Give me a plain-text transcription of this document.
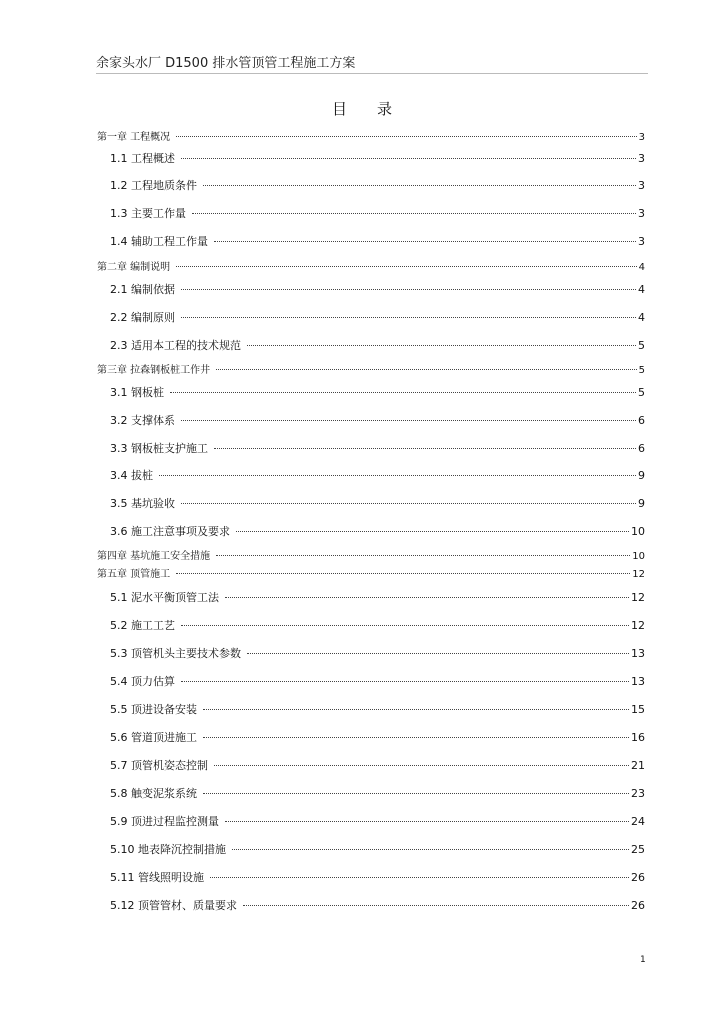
余家头水厂 D1500 排水管顶管工程施工方案
目录
第一章 工程概况	3
1.1 工程概述	3
1.2 工程地质条件	3
1.3 主要工作量	3
1.4 辅助工程工作量	3
第二章 编制说明	4
2.1 编制依据	4
2.2 编制原则	4
2.3 适用本工程的技术规范	5
第三章 拉森钢板桩工作井	5
3.1 钢板桩	5
3.2 支撑体系	6
3.3 钢板桩支护施工	6
3.4 拔桩	9
3.5 基坑验收	9
3.6 施工注意事项及要求	10
第四章 基坑施工安全措施	10
第五章 顶管施工	12
5.1 泥水平衡顶管工法	12
5.2 施工工艺	12
5.3 顶管机头主要技术参数	13
5.4 顶力估算	13
5.5 顶进设备安装	15
5.6 管道顶进施工	16
5.7 顶管机姿态控制	21
5.8 触变泥浆系统	23
5.9 顶进过程监控测量	24
5.10 地表降沉控制措施	25
5.11 管线照明设施	26
5.12 顶管管材、质量要求	26
1
